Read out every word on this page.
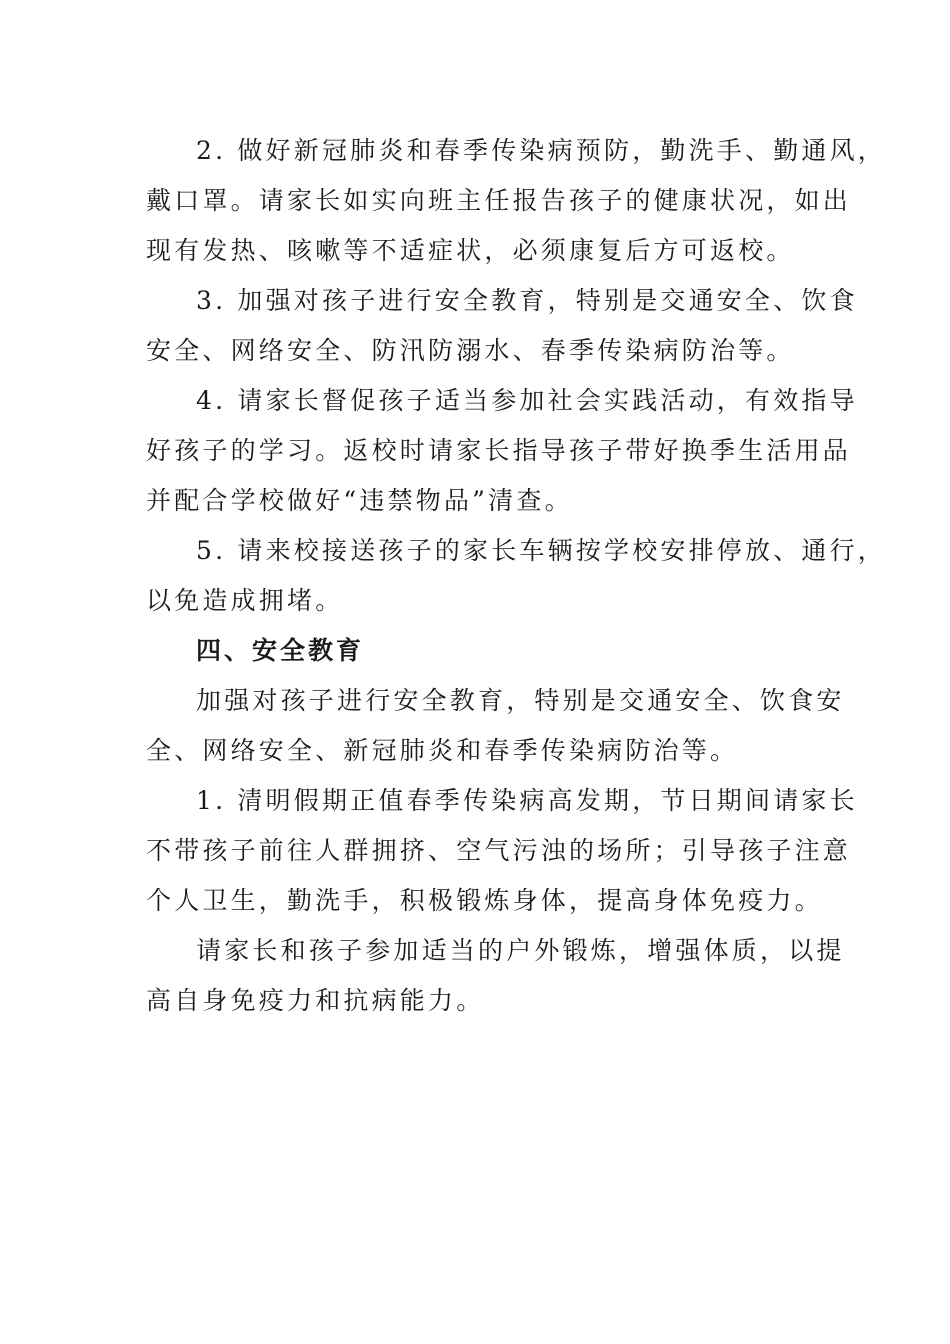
2. 做好新冠肺炎和春季传染病预防，勤洗手、勤通风，
戴口罩。请家长如实向班主任报告孩子的健康状况，如出
现有发热、咳嗽等不适症状，必须康复后方可返校。

3. 加强对孩子进行安全教育，特别是交通安全、饮食
安全、网络安全、防汛防溺水、春季传染病防治等。

4. 请家长督促孩子适当参加社会实践活动，有效指导
好孩子的学习。返校时请家长指导孩子带好换季生活用品
并配合学校做好“违禁物品”清查。

5. 请来校接送孩子的家长车辆按学校安排停放、通行，
以免造成拥堵。

四、安全教育

加强对孩子进行安全教育，特别是交通安全、饮食安
全、网络安全、新冠肺炎和春季传染病防治等。

1. 清明假期正值春季传染病高发期，节日期间请家长
不带孩子前往人群拥挤、空气污浊的场所；引导孩子注意
个人卫生，勤洗手，积极锻炼身体，提高身体免疫力。

请家长和孩子参加适当的户外锻炼，增强体质，以提
高自身免疫力和抗病能力。
